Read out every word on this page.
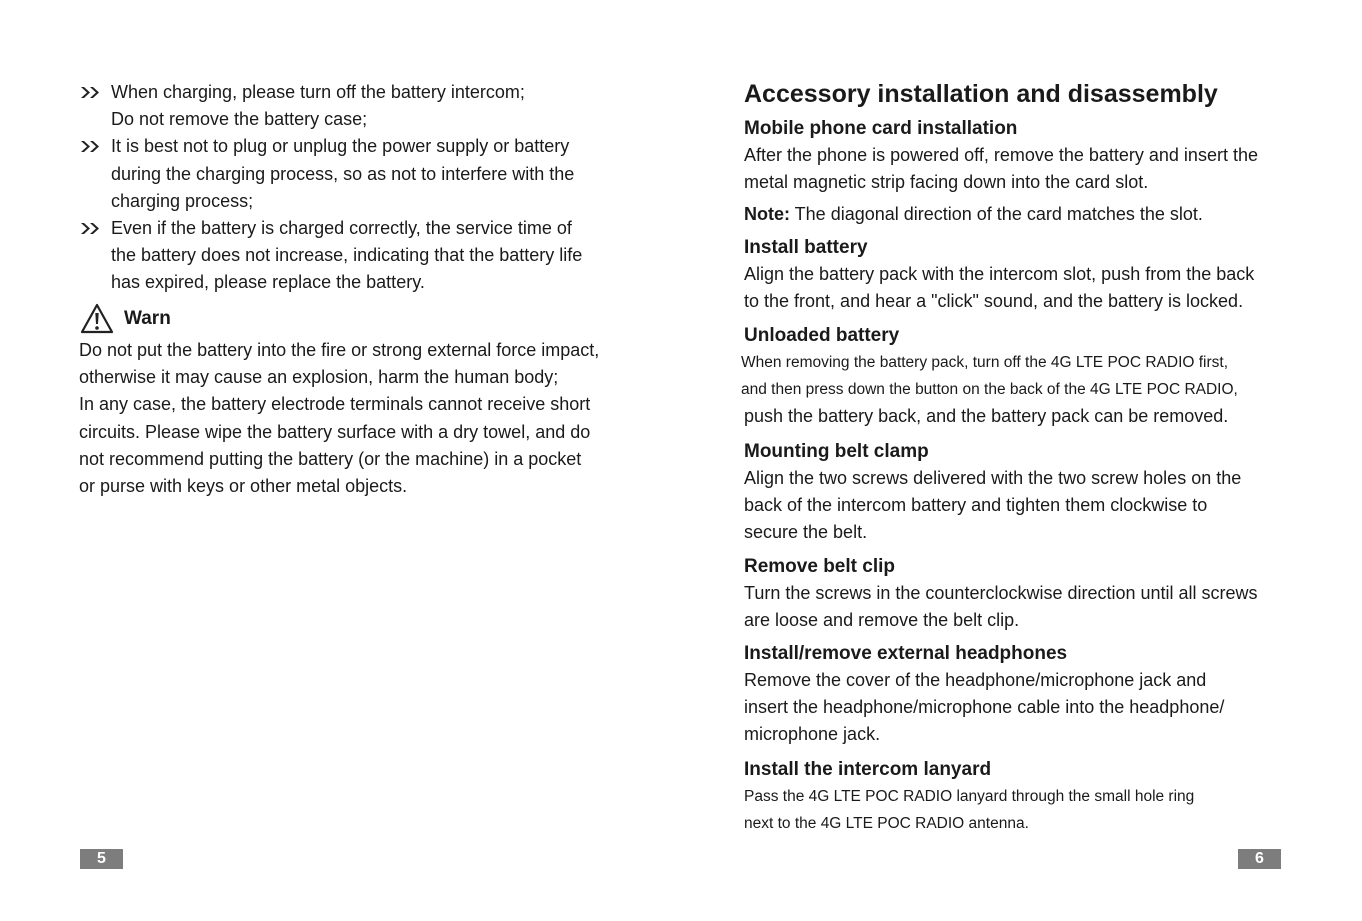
When charging, please turn off the battery intercom;
Do not remove the battery case;
It is best not to plug or unplug the power supply or battery
during the charging process, so as not to interfere with the
charging process;
Even if the battery is charged correctly, the service time of
the battery does not increase, indicating that the battery life
has expired, please replace the battery.
Warn
Do not put the battery into the fire or strong external force impact,
otherwise it may cause an explosion, harm the human body;
In any case, the battery electrode terminals cannot receive short
circuits. Please wipe the battery surface with a dry towel, and do
not recommend putting the battery (or the machine) in a pocket
or purse with keys or other metal objects.
5
Accessory installation and disassembly
Mobile phone card installation

After the phone is powered off, remove the battery and insert the
metal magnetic strip facing down into the card slot.

Note: The diagonal direction of the card matches the slot.
Install battery

Align the battery pack with the intercom slot, push from the back
to the front, and hear a "click" sound, and the battery is locked.

Unloaded battery

When removing the battery pack, turn off the 4G LTE POC RADIO first,
and then press down the button on the back of the 4G LTE POC RADIO,

push the battery back, and the battery pack can be removed.

Mounting belt clamp

Align the two screws delivered with the two screw holes on the
back of the intercom battery and tighten them clockwise to
secure the belt.

Remove belt clip

Turn the screws in the counterclockwise direction until all screws
are loose and remove the belt clip.

Install/remove external headphones

Remove the cover of the headphone/microphone jack and
insert the headphone/microphone cable into the headphone/
microphone jack.

Install the intercom lanyard

Pass the 4G LTE POC RADIO lanyard through the small hole ring
next to the 4G LTE POC RADIO antenna.

6
